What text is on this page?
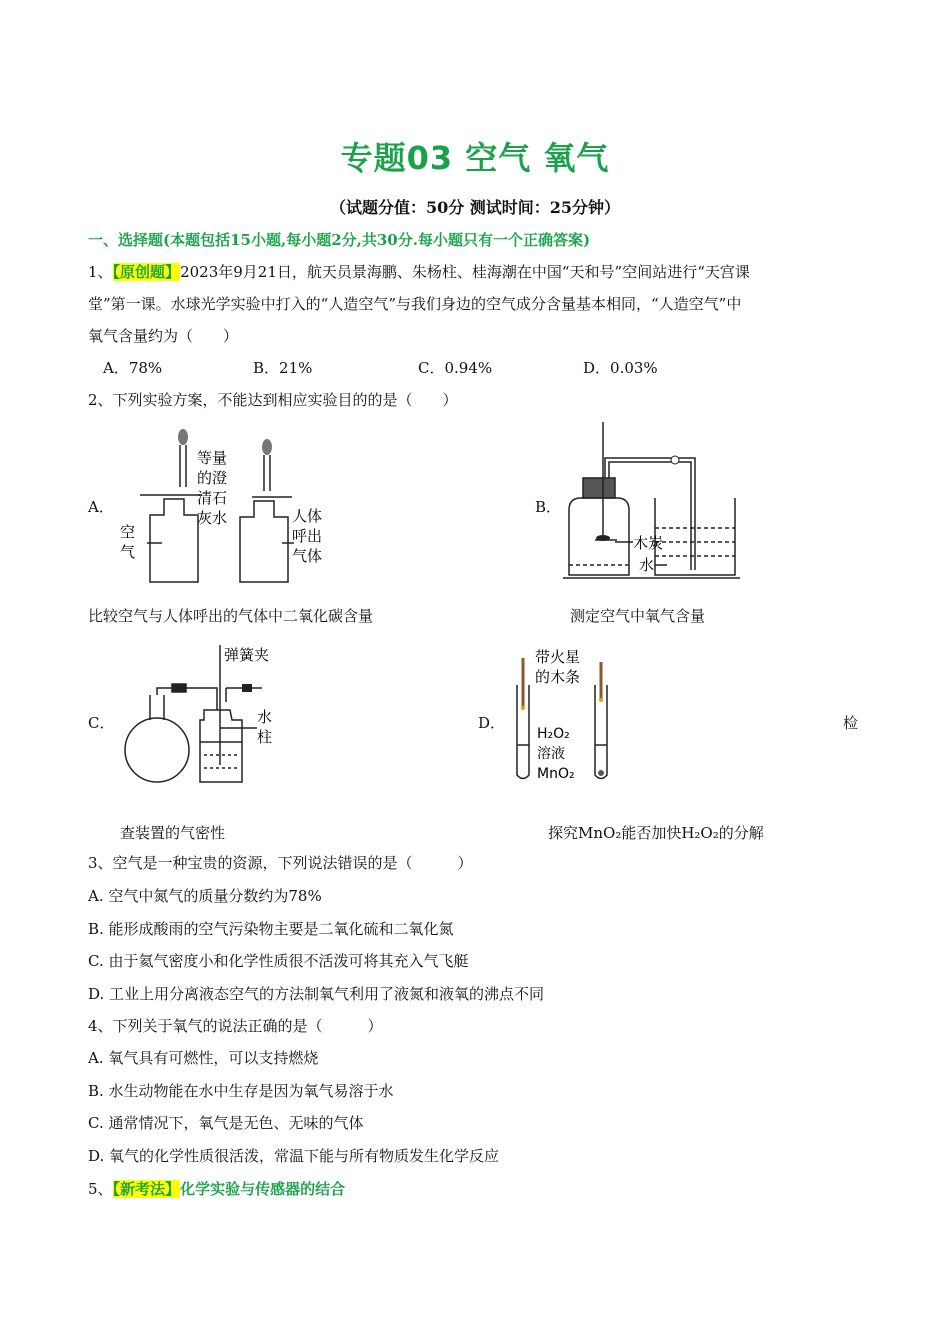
专题03 空气 氧气
（试题分值：50分 测试时间：25分钟）
一、选择题(本题包括15小题,每小题2分,共30分.每小题只有一个正确答案)
1、【原创题】2023年9月21日，航天员景海鹏、朱杨柱、桂海潮在中国“天和号”空间站进行“天宫课
堂”第一课。水球光学实验中打入的“人造空气”与我们身边的空气成分含量基本相同，“人造空气”中
氧气含量约为（　　）
A．78%	B．21%	C．0.94%	D．0.03%
2、下列实验方案，不能达到相应实验目的的是（　　）
A．
等量
的澄
清石
灰水
空
气
人体
呼出
气体
B．
木炭
水
比较空气与人体呼出的气体中二氧化碳含量	测定空气中氧气含量
C．
弹簧夹
水
柱
D．
带火星
的木条
H₂O₂
溶液
MnO₂
检
查装置的气密性	探究MnO₂能否加快H₂O₂的分解
3、空气是一种宝贵的资源，下列说法错误的是（　　　）
A. 空气中氮气的质量分数约为78%
B. 能形成酸雨的空气污染物主要是二氧化硫和二氧化氮
C. 由于氦气密度小和化学性质很不活泼可将其充入气飞艇
D. 工业上用分离液态空气的方法制氧气利用了液氮和液氧的沸点不同
4、下列关于氧气的说法正确的是（　　　）
A. 氧气具有可燃性，可以支持燃烧
B. 水生动物能在水中生存是因为氧气易溶于水
C. 通常情况下，氧气是无色、无味的气体
D. 氧气的化学性质很活泼，常温下能与所有物质发生化学反应
5、【新考法】化学实验与传感器的结合
